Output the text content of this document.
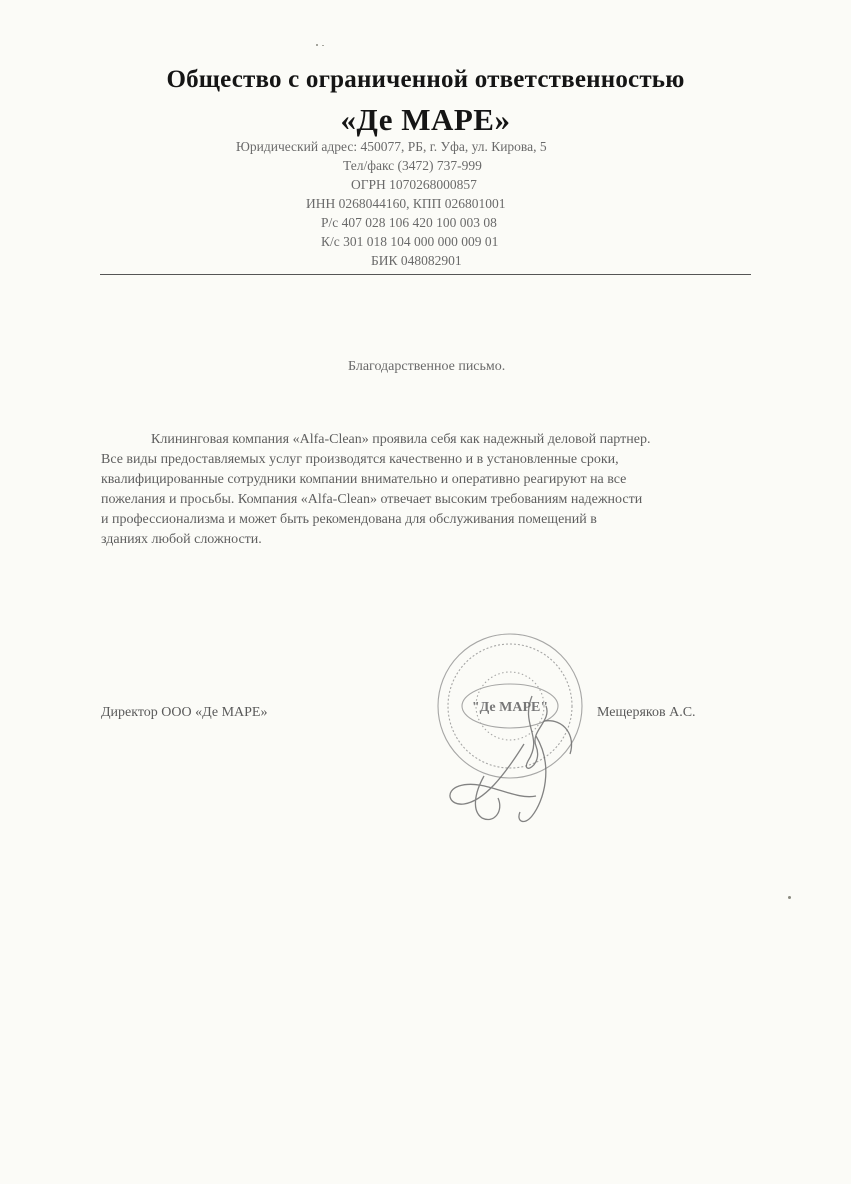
Общество с ограниченной ответственностью
«Де МАРЕ»
Юридический адрес: 450077, РБ, г. Уфа, ул. Кирова, 5
Тел/факс (3472) 737-999
ОГРН 1070268000857
ИНН 0268044160, КПП 026801001
Р/с 407 028 106 420 100 003 08
К/с 301 018 104 000 000 009 01
БИК 048082901
Благодарственное письмо.
Клининговая компания «Alfa-Clean» проявила себя как надежный деловой партнер.
Все виды предоставляемых услуг производятся качественно и в установленные сроки,
квалифицированные сотрудники компании внимательно и оперативно реагируют на все
пожелания и просьбы. Компания «Alfa-Clean» отвечает высоким требованиям надежности
и профессионализма и может быть рекомендована для обслуживания помещений в
зданиях любой сложности.
Директор ООО «Де МАРЕ»	Мещеряков А.С.
"Де МАРЕ"
